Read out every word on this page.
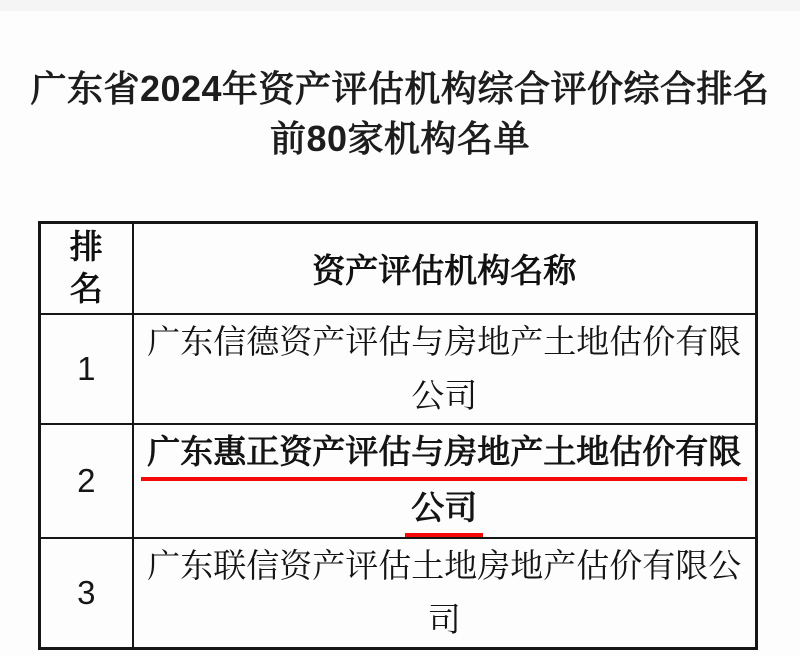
广东省2024年资产评估机构综合评价综合排名
前80家机构名单
排
名	资产评估机构名称
1	广东信德资产评估与房地产土地估价有限
公司

2	广东惠正资产评估与房地产土地估价有限
公司

3	广东联信资产评估土地房地产估价有限公
司
